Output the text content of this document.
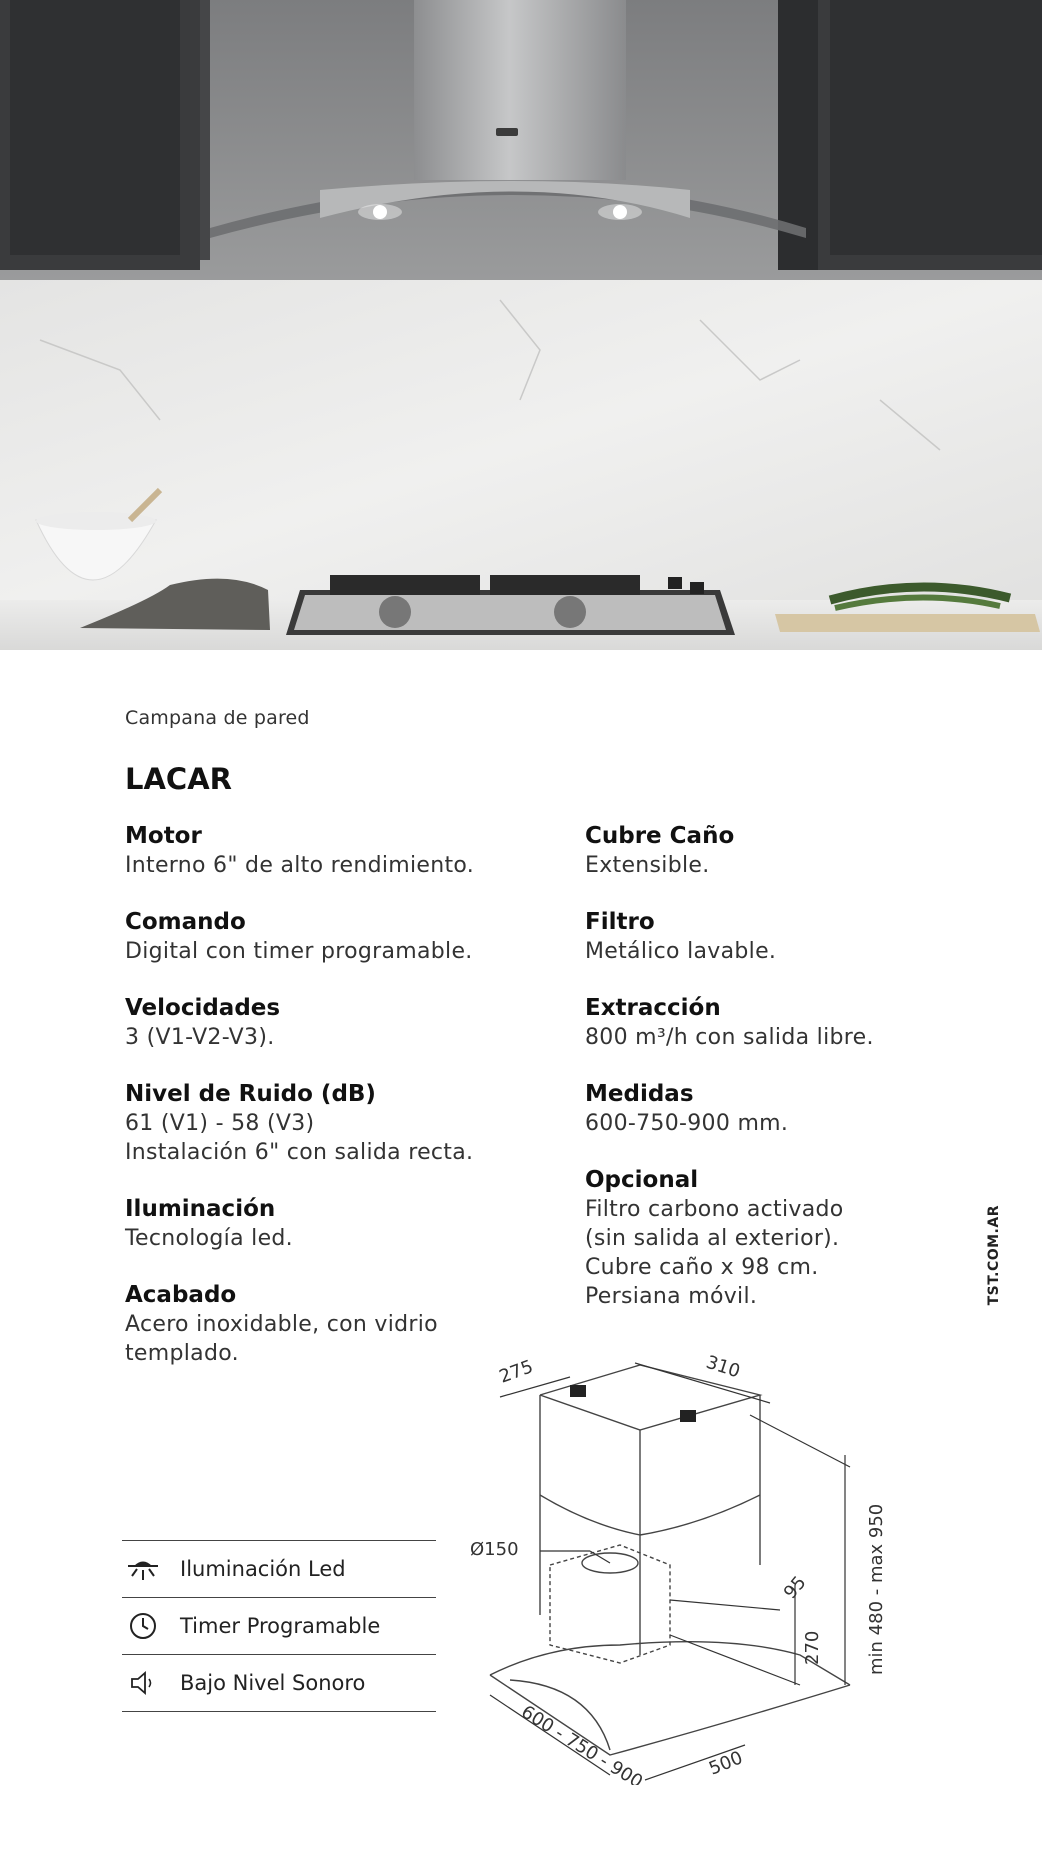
Campana de pared
LACAR
Motor
Interno 6" de alto rendimiento.
Comando
Digital con timer programable.
Velocidades
3 (V1-V2-V3).
Nivel de Ruido (dB)
61 (V1) - 58 (V3)
Instalación 6" con salida recta.
Iluminación
Tecnología led.
Acabado
Acero inoxidable, con vidrio
templado.
Cubre Caño
Extensible.
Filtro
Metálico lavable.
Extracción
800 m³/h con salida libre.
Medidas
600-750-900 mm.
Opcional
Filtro carbono activado
(sin salida al exterior).
Cubre caño x 98 cm.
Persiana móvil.	TST.COM.AR
Iluminación Led
Timer Programable
Bajo Nivel Sonoro
275	310
Ø150
95
270 min 480 - max 950
600 - 750 - 900	500
